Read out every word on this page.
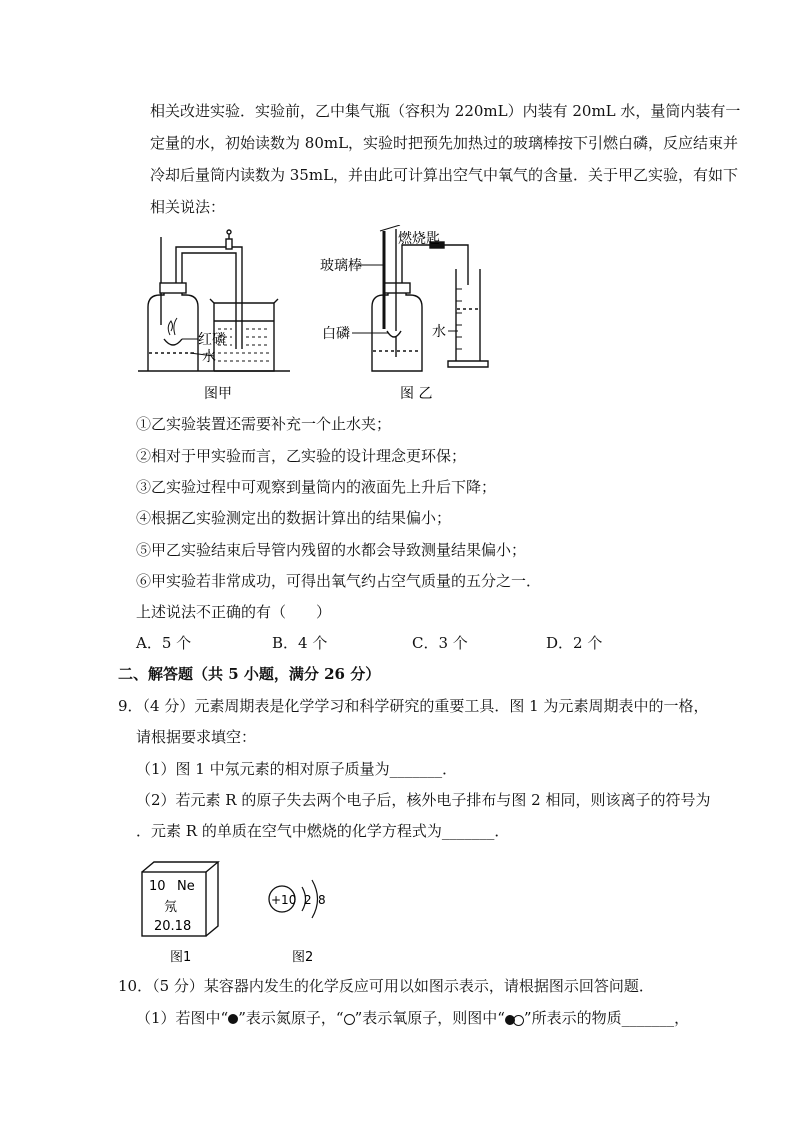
相关改进实验．实验前，乙中集气瓶（容积为 220mL）内装有 20mL 水，量筒内装有一
定量的水，初始读数为 80mL，实验时把预先加热过的玻璃棒按下引燃白磷，反应结束并
冷却后量筒内读数为 35mL，并由此可计算出空气中氧气的含量．关于甲乙实验，有如下
相关说法：
红磷
水
图甲
燃烧匙
玻璃棒
白磷	水
图 乙
①乙实验装置还需要补充一个止水夹；
②相对于甲实验而言，乙实验的设计理念更环保；
③乙实验过程中可观察到量筒内的液面先上升后下降；
④根据乙实验测定出的数据计算出的结果偏小；
⑤甲乙实验结束后导管内残留的水都会导致测量结果偏小；
⑥甲实验若非常成功，可得出氧气约占空气质量的五分之一．
上述说法不正确的有（　　）
A．5 个	B．4 个	C．3 个	D．2 个
二、解答题（共 5 小题，满分 26 分）
9．（4 分）元素周期表是化学学习和科学研究的重要工具．图 1 为元素周期表中的一格，
请根据要求填空：
（1）图 1 中氖元素的相对原子质量为_______．
（2）若元素 R 的原子失去两个电子后，核外电子排布与图 2 相同，则该离子的符号为
．元素 R 的单质在空气中燃烧的化学方程式为_______．
10 Ne
氖
20.18
图1
+10 2 8
图2
10．（5 分）某容器内发生的化学反应可用以如图示表示，请根据图示回答问题．
（1）若图中“ ”表示氮原子，“ ”表示氧原子，则图中“ ”所表示的物质_______，
